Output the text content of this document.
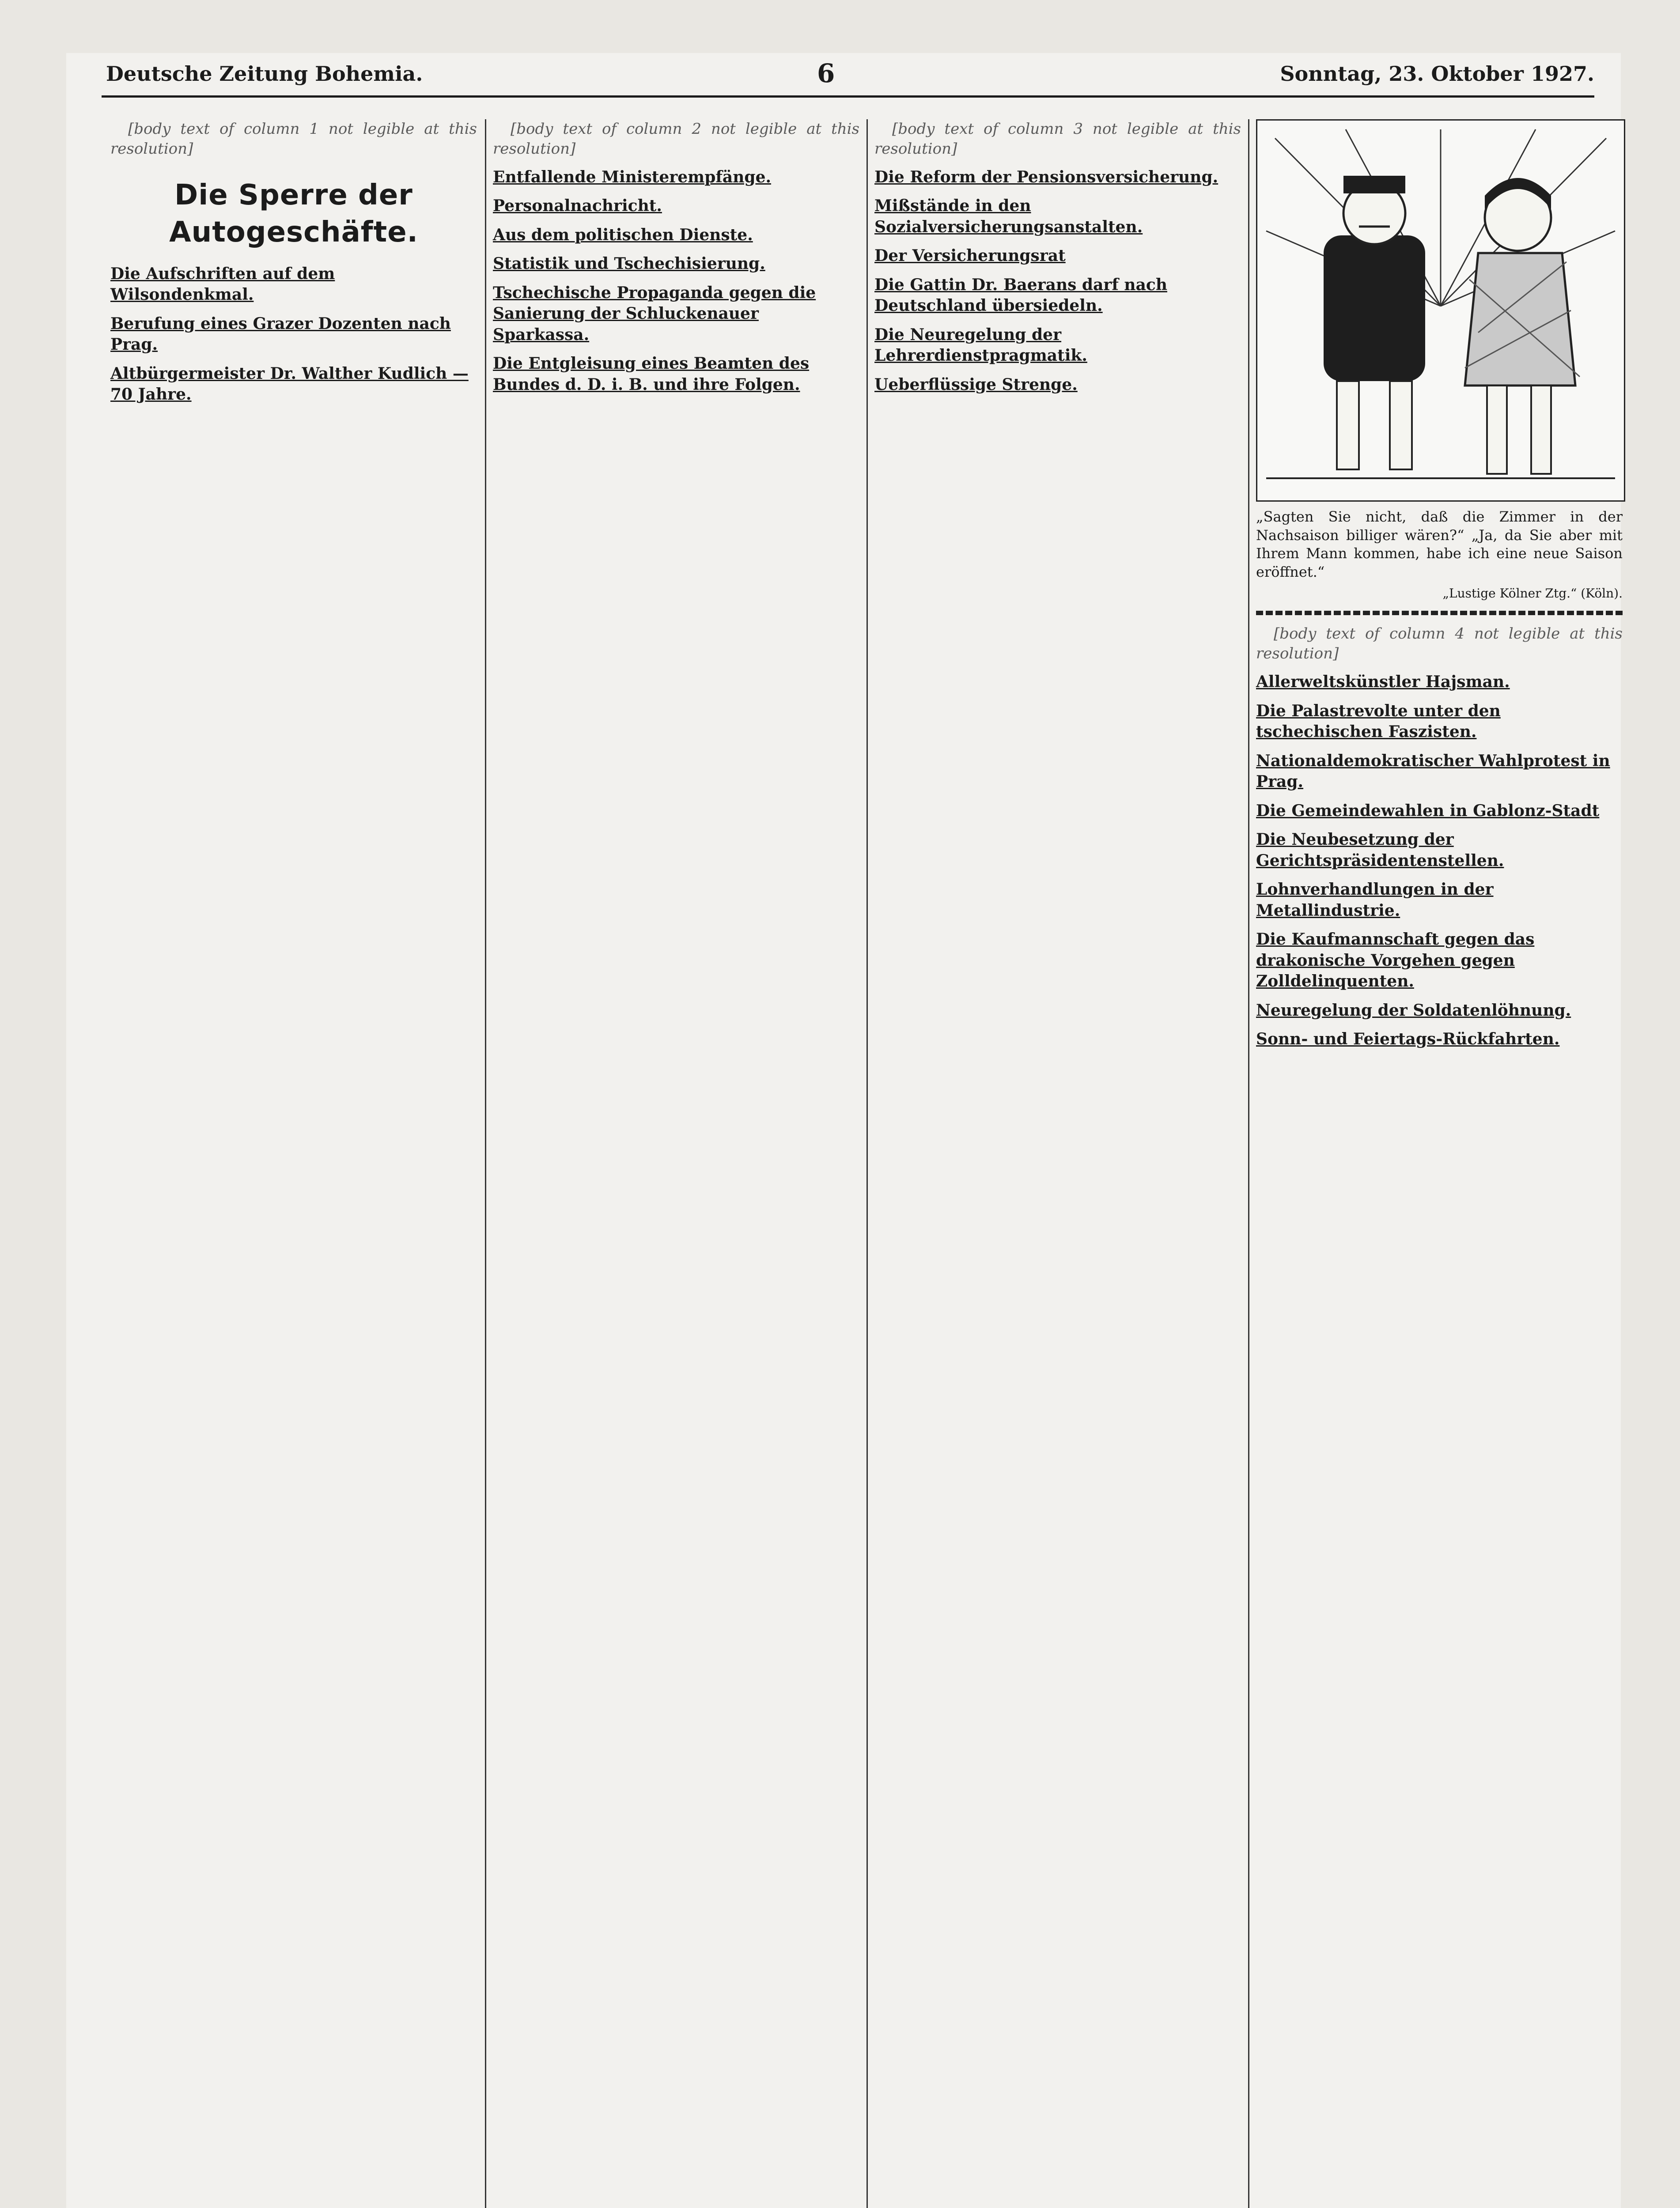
Deutsche Zeitung Bohemia.	6	Sonntag, 23. Oktober 1927.

[body text of column 1 not legible at this resolution]

Die Sperre der Autogeschäfte.
Die Aufschriften auf dem Wilsondenkmal.
Berufung eines Grazer Dozenten nach Prag.
Altbürgermeister Dr. Walther Kudlich — 70 Jahre.

[body text of column 2 not legible at this resolution]

Entfallende Ministerempfänge.
Personalnachricht.
Aus dem politischen Dienste.
Statistik und Tschechisierung.
Tschechische Propaganda gegen die Sanierung der Schluckenauer Sparkassa.
Die Entgleisung eines Beamten des Bundes d. D. i. B. und ihre Folgen.

[body text of column 3 not legible at this resolution]

Die Reform der Pensionsversicherung.
Mißstände in den Sozialversicherungsanstalten.
Der Versicherungsrat
Die Gattin Dr. Baerans darf nach Deutschland übersiedeln.
Die Neuregelung der Lehrerdienstpragmatik.
Ueberflüssige Strenge.
„Sagten Sie nicht, daß die Zimmer in der Nachsaison billiger wären?“ „Ja, da Sie aber mit Ihrem Mann kommen, habe ich eine neue Saison eröffnet.“
„Lustige Kölner Ztg.“ (Köln).

[body text of column 4 not legible at this resolution]

Allerweltskünstler Hajsman.
Die Palastrevolte unter den tschechischen Faszisten.
Nationaldemokratischer Wahlprotest in Prag.
Die Gemeindewahlen in Gablonz-Stadt
Die Neubesetzung der Gerichtspräsidentenstellen.
Lohnverhandlungen in der Metallindustrie.
Die Kaufmannschaft gegen das drakonische Vorgehen gegen Zolldelinquenten.
Neuregelung der Soldatenlöhnung.
Sonn- und Feiertags-Rückfahrten.
